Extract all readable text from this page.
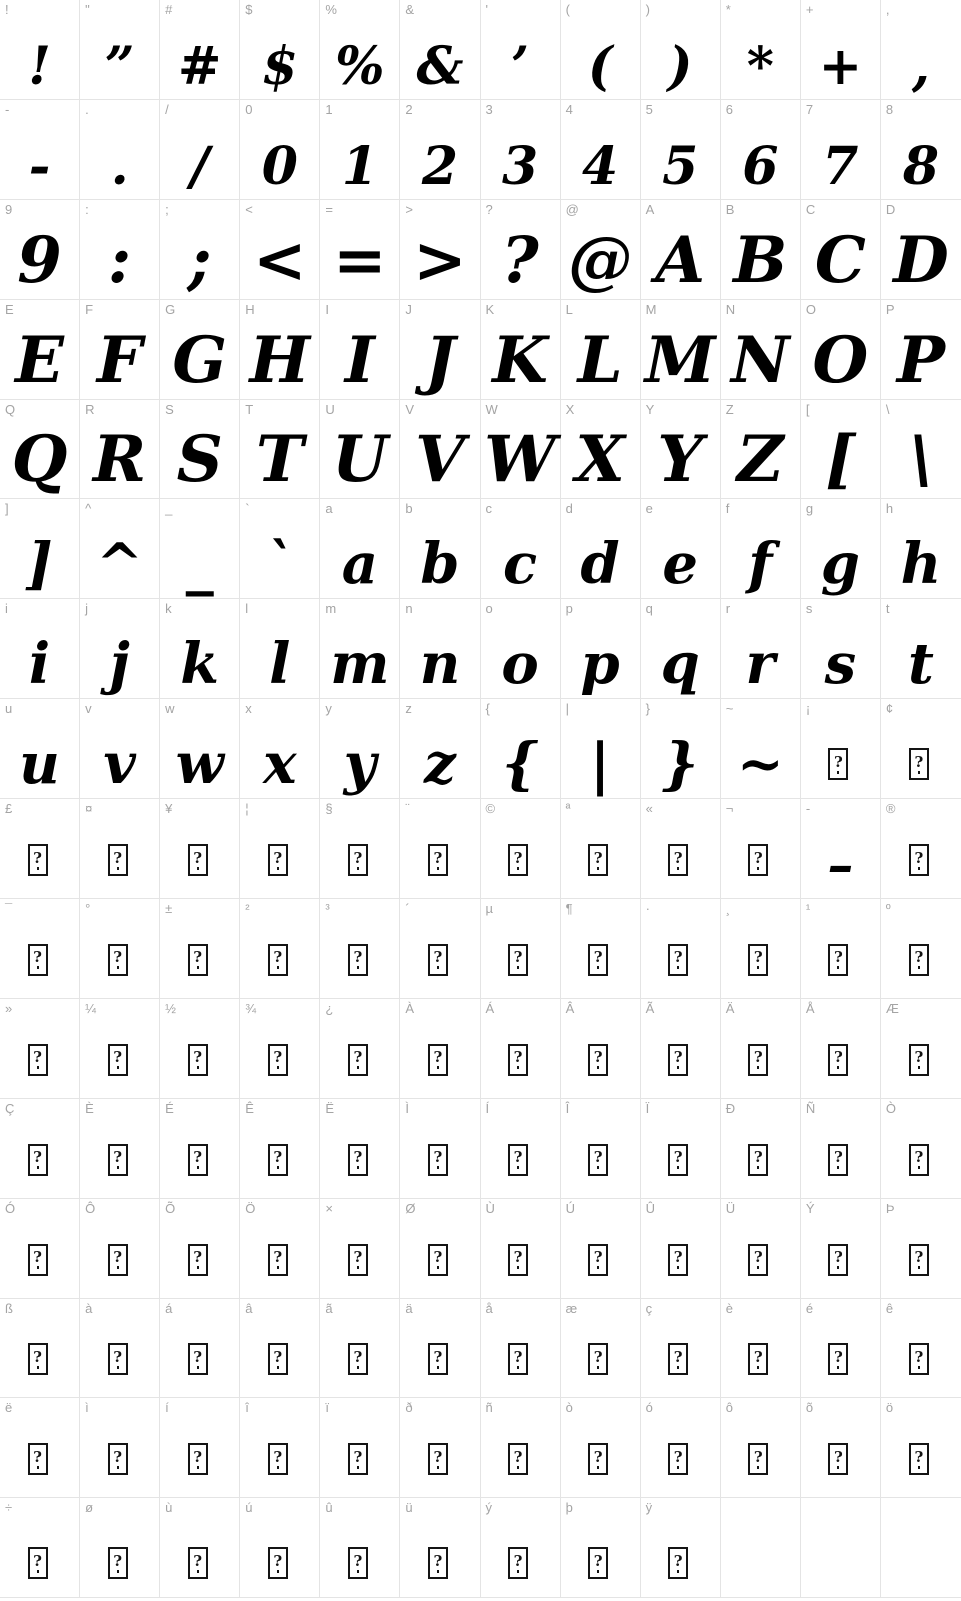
!
!
"
”
#
#
$
$
%
%
&
&
'
’
(
(
)
)
*
*
+
+
,
,
-
-
.
.
/
/
0
0
1
1
2
2
3
3
4
4
5
5
6
6
7
7
8
8
9
9
:
:
;
;
<
<
=
=
>
>
?
?
@
@
A
A
B
B
C
C
D
D
E
E
F
F
G
G
H
H
I
I
J
J
K
K
L
L
M
M
N
N
O
O
P
P
Q
Q
R
R
S
S
T
T
U
U
V
V
W
W
X
X
Y
Y
Z
Z
[
[
\
\
]
]
^
^
_
_
`
`
a
a
b
b
c
c
d
d
e
e
f
f
g
g
h
h
i
i
j
j
k
k
l
l
m
m
n
n
o
o
p
p
q
q
r
r
s
s
t
t
u
u
v
v
w
w
x
x
y
y
z
z
{
{
|
|
}
}
~
~
¡
?
¢
?
£
?
¤
?
¥
?
¦
?
§
?
¨
?
©
?
ª
?
«
?
¬
?
-
–
®
?
¯
?
°
?
±
?
²
?
³
?
´
?
µ
?
¶
?
·
?
¸
?
¹
?
º
?
»
?
¼
?
½
?
¾
?
¿
?
À
?
Á
?
Â
?
Ã
?
Ä
?
Å
?
Æ
?
Ç
?
È
?
É
?
Ê
?
Ë
?
Ì
?
Í
?
Î
?
Ï
?
Ð
?
Ñ
?
Ò
?
Ó
?
Ô
?
Õ
?
Ö
?
×
?
Ø
?
Ù
?
Ú
?
Û
?
Ü
?
Ý
?
Þ
?
ß
?
à
?
á
?
â
?
ã
?
ä
?
å
?
æ
?
ç
?
è
?
é
?
ê
?
ë
?
ì
?
í
?
î
?
ï
?
ð
?
ñ
?
ò
?
ó
?
ô
?
õ
?
ö
?
÷
?
ø
?
ù
?
ú
?
û
?
ü
?
ý
?
þ
?
ÿ
?
